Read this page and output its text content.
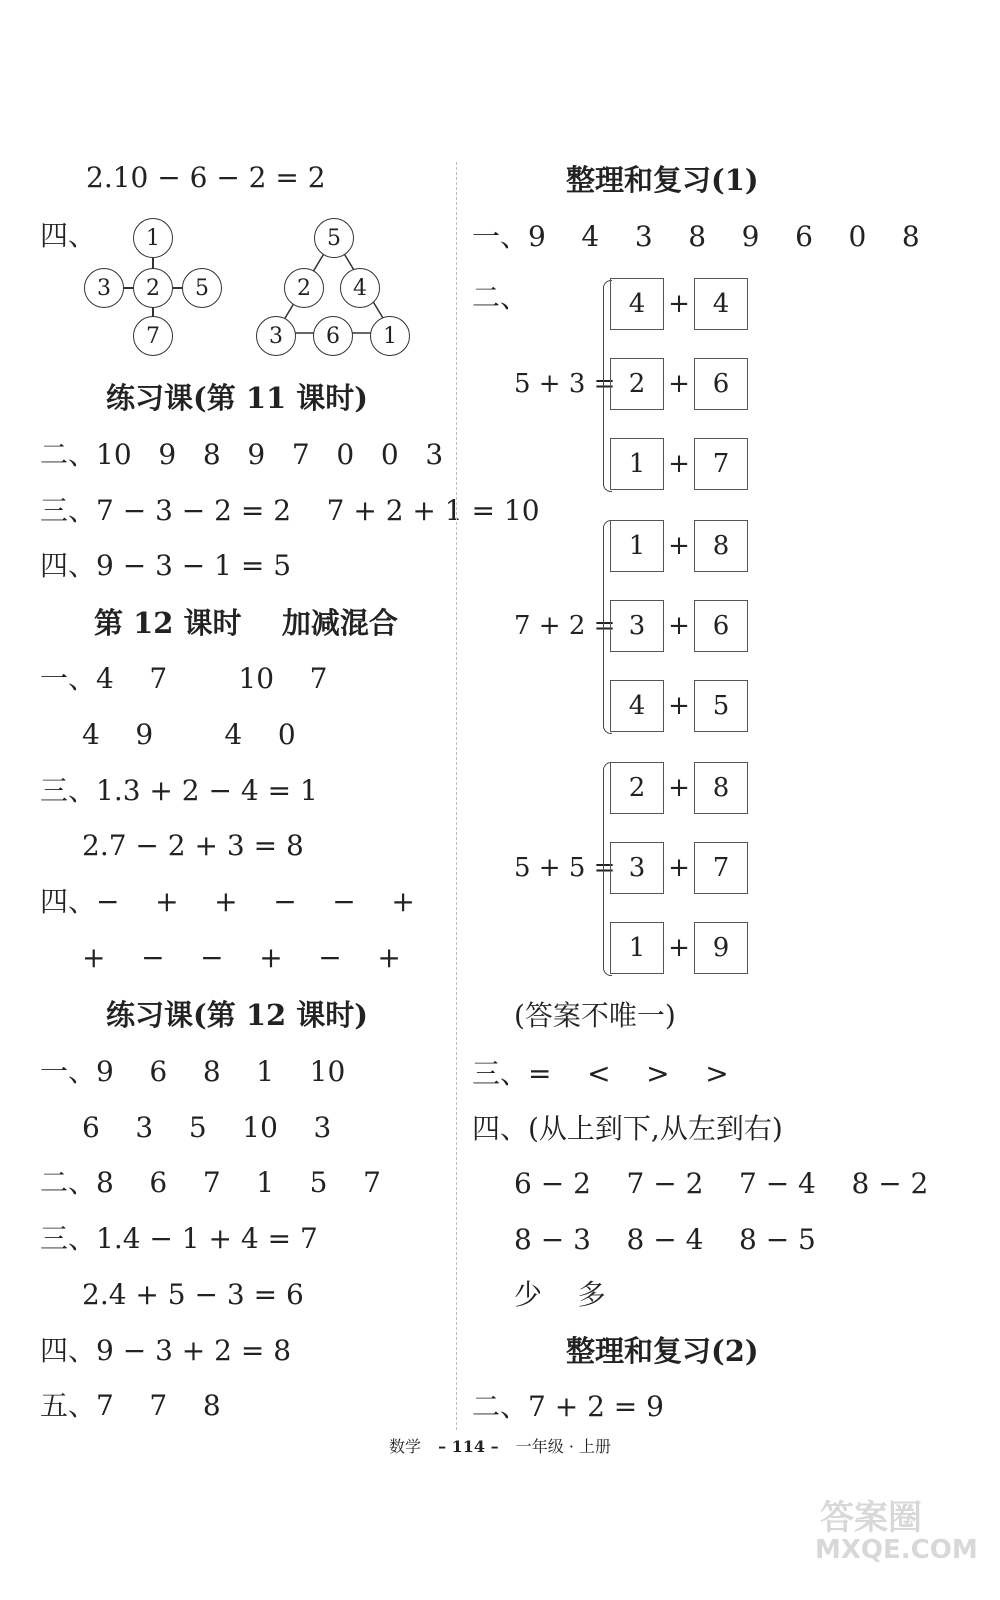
2.10 − 6 − 2 = 2
四、	1
3	2	5
7
5
2	4
3	6	1
练习课(第 11 课时)
二、10   9   8   9   7   0   0   3
三、7 − 3 − 2 = 2    7 + 2 + 1 = 10
四、9 − 3 − 1 = 5
第 12 课时    加减混合
一、4    7        10    7
4    9        4    0
三、1.3 + 2 − 4 = 1
2.7 − 2 + 3 = 8
四、−    +    +    −    −    +
+    −    −    +    −    +
练习课(第 12 课时)
一、9    6    8    1    10
6    3    5    10    3
二、8    6    7    1    5    7
三、1.4 − 1 + 4 = 7
2.4 + 5 − 3 = 6
四、9 − 3 + 2 = 8
五、7    7    8
整理和复习(1)
一、9    4    3    8    9    6    0    8
二、
5 + 3 =
4 + 4
2 + 6
1 + 7
7 + 2 =
1 + 8
3 + 6
4 + 5
5 + 5 =
2 + 8
3 + 7
1 + 9
(答案不唯一)
三、=    <    >    >
四、(从上到下,从左到右)
6 − 2    7 − 2    7 − 4    8 − 2
8 − 3    8 − 4    8 − 5
少    多
整理和复习(2)
二、7 + 2 = 9
数学 – 114 – 一年级 · 上册
答案圈
MXQE.COM
